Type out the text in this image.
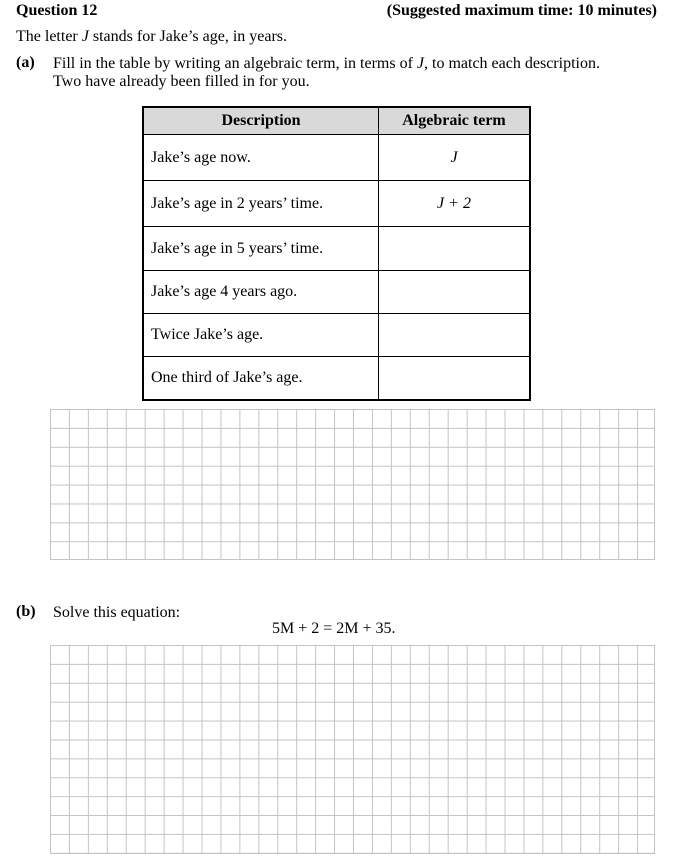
Question 12	(Suggested maximum time: 10 minutes)
The letter J stands for Jake’s age, in years.
(a) Fill in the table by writing an algebraic term, in terms of J, to match each description.
Two have already been filled in for you.
Description	Algebraic term
Jake’s age now.	J
Jake’s age in 2 years’ time.	J + 2
Jake’s age in 5 years’ time.	
Jake’s age 4 years ago.	
Twice Jake’s age.	
One third of Jake’s age.	
(b) Solve this equation:
5M + 2 = 2M + 35.
